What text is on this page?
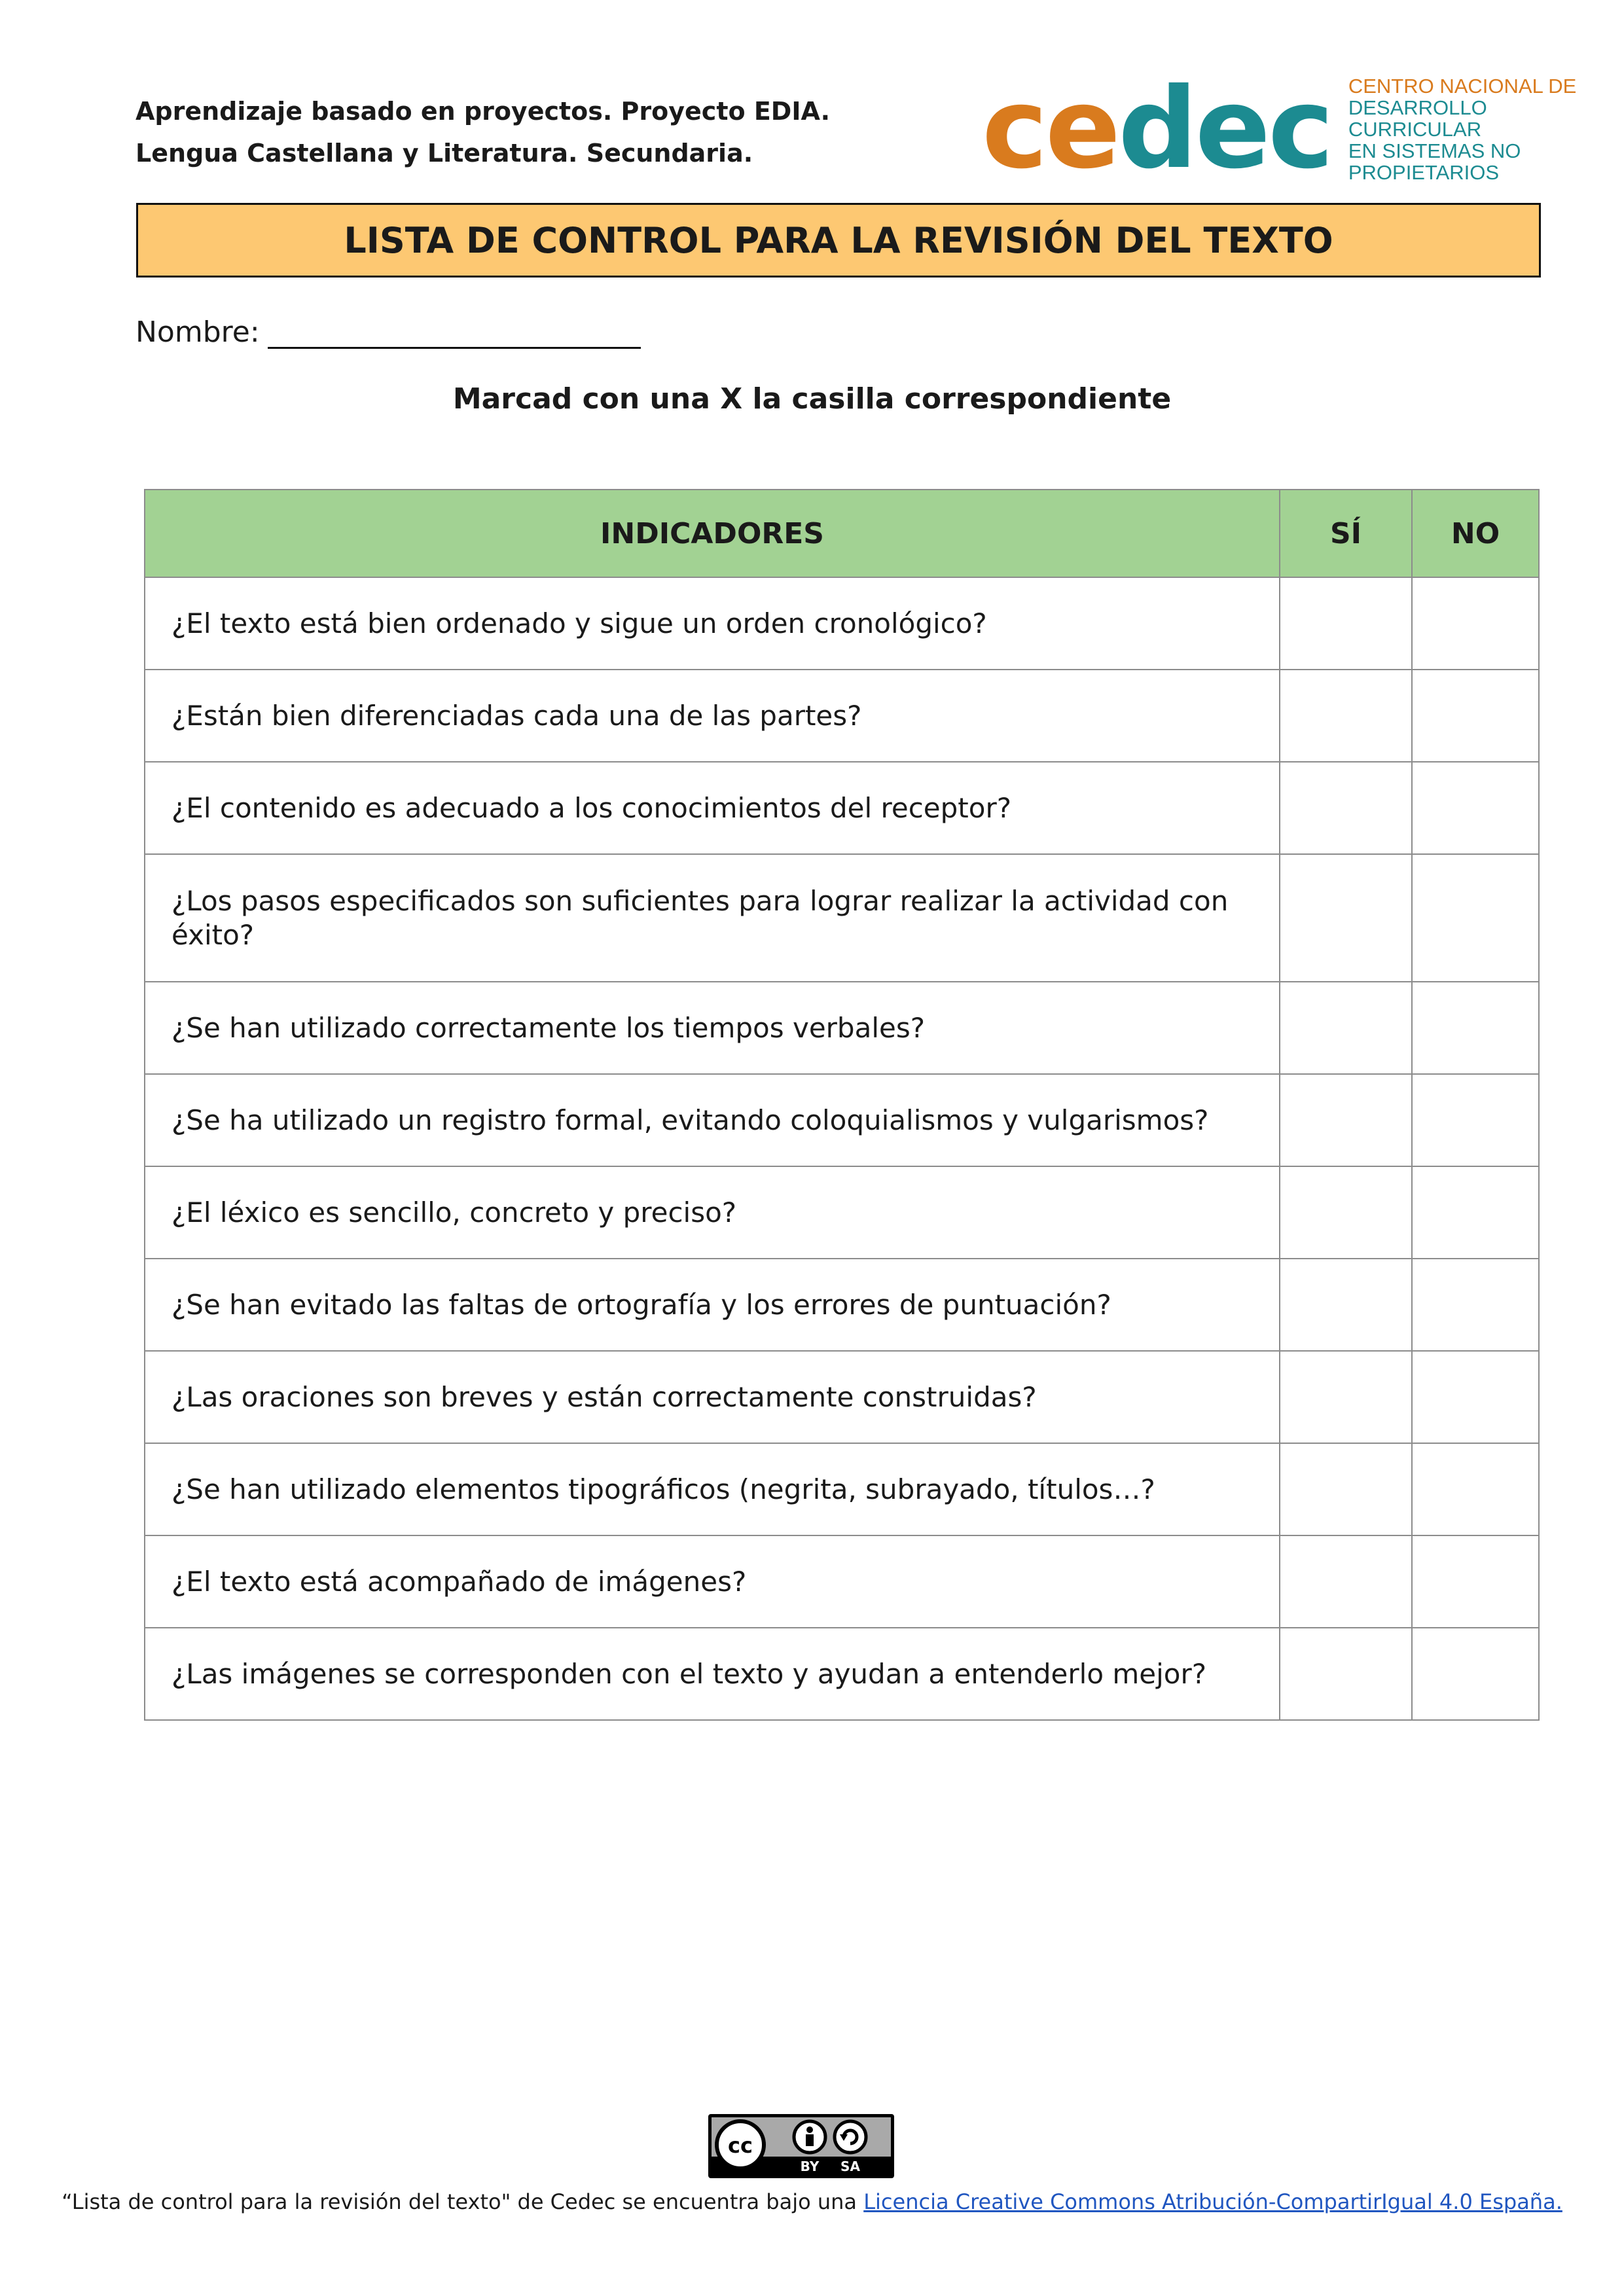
Aprendizaje basado en proyectos. Proyecto EDIA.
Lengua Castellana y Literatura. Secundaria.	cedec CENTRO NACIONAL DE
DESARROLLO CURRICULAR
EN SISTEMAS NO PROPIETARIOS
LISTA DE CONTROL PARA LA REVISIÓN DEL TEXTO
Nombre:
Marcad con una X la casilla correspondiente
INDICADORES	SÍ	NO
¿El texto está bien ordenado y sigue un orden cronológico?		
¿Están bien diferenciadas cada una de las partes?		
¿El contenido es adecuado a los conocimientos del receptor?		
¿Los pasos especificados son suficientes para lograr realizar la actividad con éxito?		
¿Se han utilizado correctamente los tiempos verbales?		
¿Se ha utilizado un registro formal, evitando coloquialismos y vulgarismos?		
¿El léxico es sencillo, concreto y preciso?		
¿Se han evitado las faltas de ortografía y los errores de puntuación?		
¿Las oraciones son breves y están correctamente construidas?		
¿Se han utilizado elementos tipográficos (negrita, subrayado, títulos…?		
¿El texto está acompañado de imágenes?		
¿Las imágenes se corresponden con el texto y ayudan a entenderlo mejor?		
cc
BY SA
“Lista de control para la revisión del texto" de Cedec se encuentra bajo una Licencia Creative Commons Atribución-CompartirIgual 4.0 España.
